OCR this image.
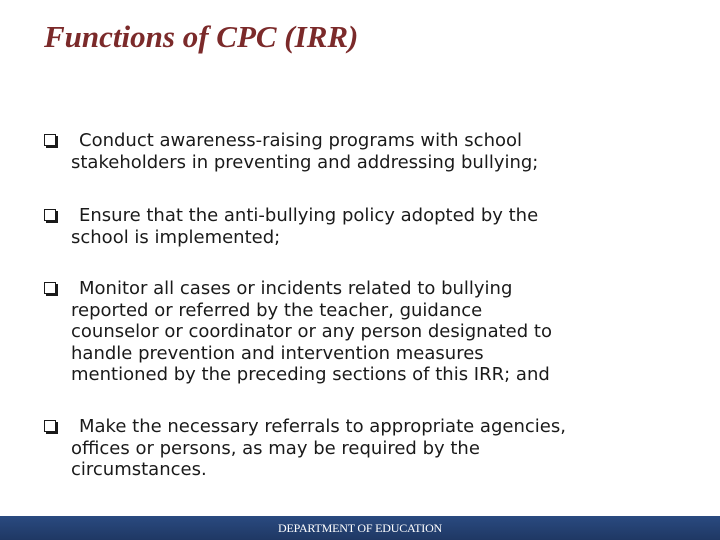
Functions of CPC (IRR)
Conduct awareness-raising programs with school
stakeholders in preventing and addressing bullying;
Ensure that the anti-bullying policy adopted by the
school is implemented;
Monitor all cases or incidents related to bullying
reported or referred by the teacher, guidance
counselor or coordinator or any person designated to
handle prevention and intervention measures
mentioned by the preceding sections of this IRR; and
Make the necessary referrals to appropriate agencies,
offices or persons, as may be required by the
circumstances.
DEPARTMENT OF EDUCATION
